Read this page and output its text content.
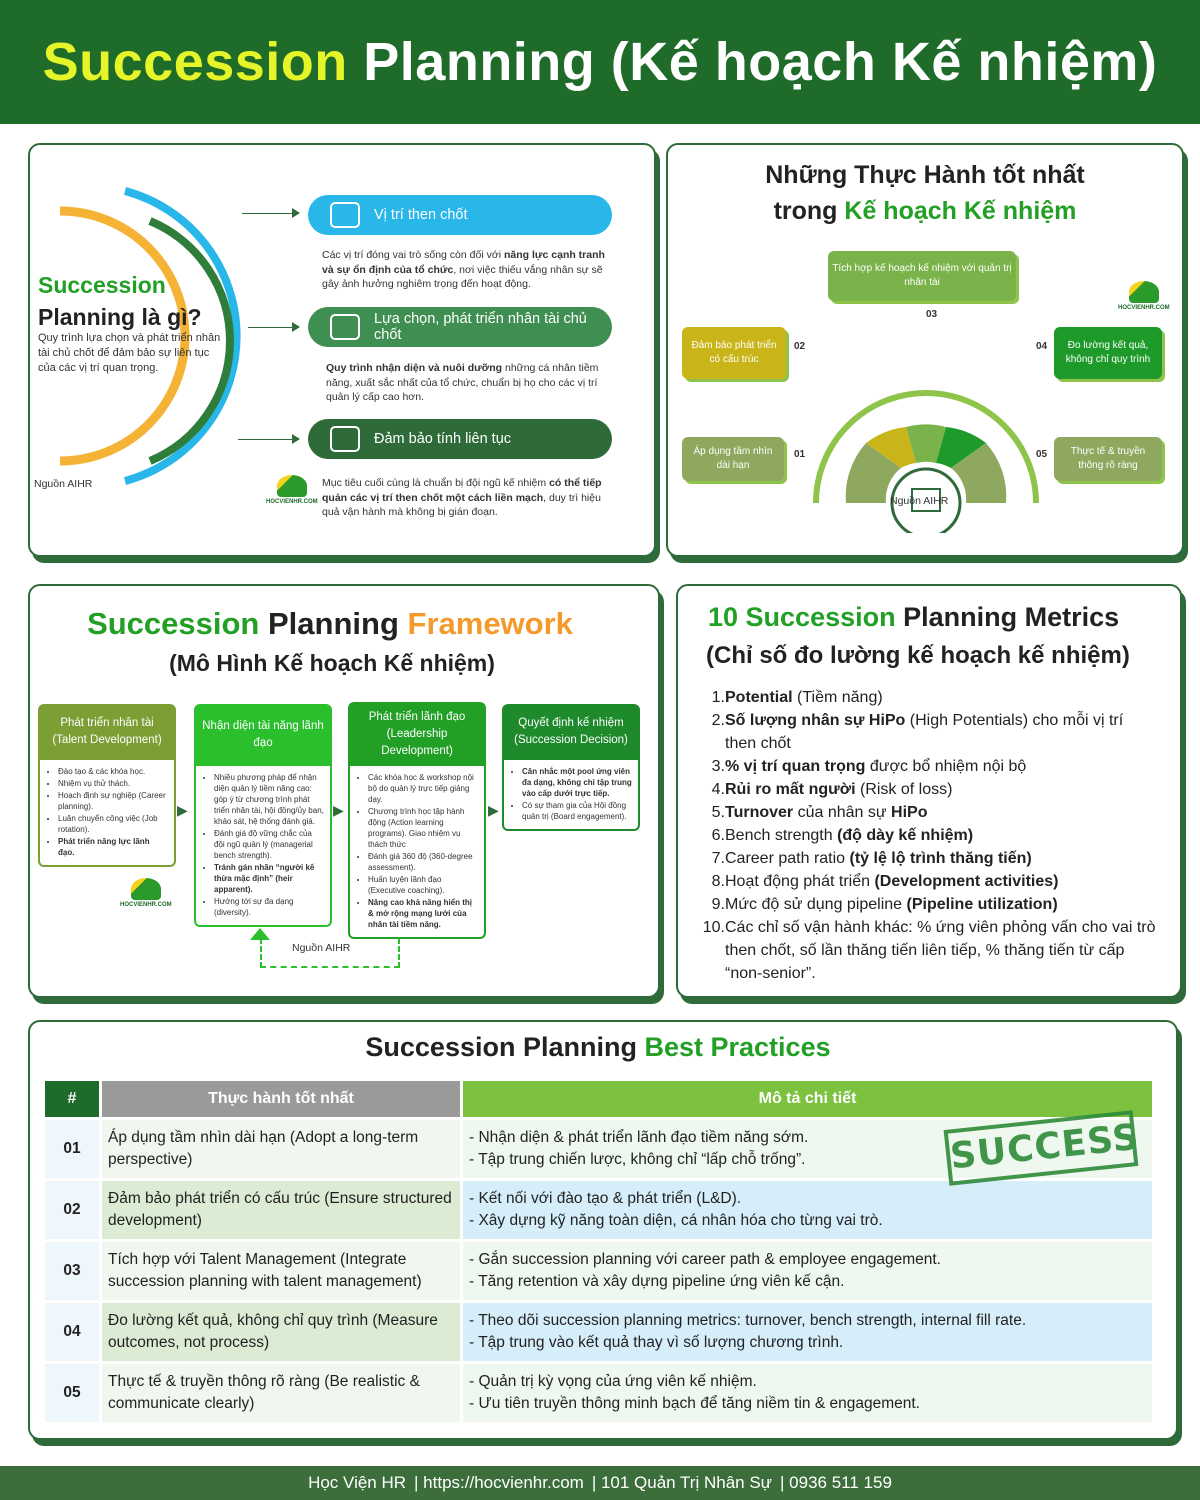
Succession Planning (Kế hoạch Kế nhiệm)
Succession
Planning là gì?
Quy trình lựa chọn và phát triển nhân tài chủ chốt để đảm bảo sự liên tục của các vị trí quan trọng.
Nguồn AIHR
HOCVIENHR.COM
Vị trí then chốt
Các vị trí đóng vai trò sống còn đối với năng lực cạnh tranh và sự ổn định của tổ chức, nơi việc thiếu vắng nhân sự sẽ gây ảnh hưởng nghiêm trọng đến hoạt động.
Lựa chọn, phát triển nhân tài chủ chốt
Quy trình nhận diện và nuôi dưỡng những cá nhân tiềm năng, xuất sắc nhất của tổ chức, chuẩn bị họ cho các vị trí quản lý cấp cao hơn.
Đảm bảo tính liên tục
Mục tiêu cuối cùng là chuẩn bị đội ngũ kế nhiệm có thể tiếp quản các vị trí then chốt một cách liền mạch, duy trì hiệu quả vận hành mà không bị gián đoạn.
Những Thực Hành tốt nhất
trong Kế hoạch Kế nhiệm
01
Áp dụng tầm nhìn dài hạn
02
Đảm bảo phát triển có cấu trúc
03
Tích hợp kế hoạch kế nhiệm với quản trị nhân tài
04	Đo lường kết quả, không chỉ quy trình
05	Thực tế & truyền thông rõ ràng
Nguồn AIHR
HOCVIENHR.COM
Succession Planning Framework
(Mô Hình Kế hoạch Kế nhiệm)
Phát triển nhân tài (Talent Development)
• Đào tạo & các khóa học.
• Nhiệm vụ thử thách.
• Hoạch định sự nghiệp (Career planning).
• Luân chuyển công việc (Job rotation).
• Phát triển năng lực lãnh đạo.
Nhận diện tài năng lãnh đạo
• Nhiều phương pháp để nhận diện quản lý tiềm năng cao: góp ý từ chương trình phát triển nhân tài, hội đồng/ủy ban, khảo sát, hệ thống đánh giá.
• Đánh giá độ vững chắc của đội ngũ quản lý (managerial bench strength).
• Tránh gán nhãn “người kế thừa mặc định” (heir apparent).
• Hướng tới sự đa dạng (diversity).
Phát triển lãnh đạo (Leadership Development)
• Các khóa học & workshop nội bộ do quản lý trực tiếp giảng dạy.
• Chương trình học tập hành động (Action learning programs). Giao nhiệm vụ thách thức
• Đánh giá 360 độ (360-degree assessment).
• Huấn luyện lãnh đạo (Executive coaching).
• Nâng cao khả năng hiển thị & mở rộng mạng lưới của nhân tài tiềm năng.
Quyết định kế nhiệm (Succession Decision)
• Cân nhắc một pool ứng viên đa dạng, không chỉ tập trung vào cấp dưới trực tiếp.
• Có sự tham gia của Hội đồng quản trị (Board engagement).
▶	▶	▶
Nguồn AIHR
HOCVIENHR.COM
10 Succession Planning Metrics
(Chỉ số đo lường kế hoạch kế nhiệm)
1. Potential (Tiềm năng)
2. Số lượng nhân sự HiPo (High Potentials) cho mỗi vị trí then chốt
3. % vị trí quan trọng được bổ nhiệm nội bộ
4. Rủi ro mất người (Risk of loss)
5. Turnover của nhân sự HiPo
6. Bench strength (độ dày kế nhiệm)
7. Career path ratio (tỷ lệ lộ trình thăng tiến)
8. Hoạt động phát triển (Development activities)
9. Mức độ sử dụng pipeline (Pipeline utilization)
10. Các chỉ số vận hành khác: % ứng viên phỏng vấn cho vai trò then chốt, số lần thăng tiến liên tiếp, % thăng tiến từ cấp “non-senior”.
Succession Planning Best Practices
#	Thực hành tốt nhất	Mô tả chi tiết
01	Áp dụng tầm nhìn dài hạn (Adopt a long-term perspective)	- Nhận diện & phát triển lãnh đạo tiềm năng sớm.
- Tập trung chiến lược, không chỉ “lấp chỗ trống”.

02	Đảm bảo phát triển có cấu trúc (Ensure structured development)	- Kết nối với đào tạo & phát triển (L&D).
- Xây dựng kỹ năng toàn diện, cá nhân hóa cho từng vai trò.

03	Tích hợp với Talent Management (Integrate succession planning with talent management)	- Gắn succession planning với career path & employee engagement.
- Tăng retention và xây dựng pipeline ứng viên kế cận.

04	Đo lường kết quả, không chỉ quy trình (Measure outcomes, not process)	- Theo dõi succession planning metrics: turnover, bench strength, internal fill rate.
- Tập trung vào kết quả thay vì số lượng chương trình.

05	Thực tế & truyền thông rõ ràng (Be realistic & communicate clearly)	- Quản trị kỳ vọng của ứng viên kế nhiệm.
- Ưu tiên truyền thông minh bạch để tăng niềm tin & engagement.
SUCCESS
Học Viện HR | https://hocvienhr.com | 101 Quản Trị Nhân Sự | 0936 511 159
